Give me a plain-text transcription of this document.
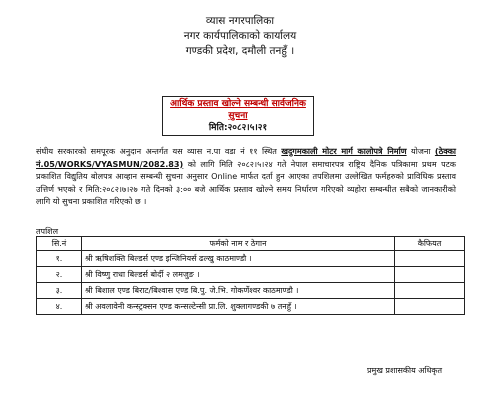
व्यास नगरपालिका
नगर कार्यपालिकाको कार्यालय
गण्डकी प्रदेश, दमौली तनहुँ ।
आर्थिक प्रस्ताव खोल्ने सम्बन्धी सार्वजनिक सुचना
मिति:२०८२।५।२१
संघीय सरकारको समपूरक अनुदान अन्तर्गत यस व्यास न.पा वडा नं ११ स्थित खदुगमकाली मोटर मार्ग कालोपत्रे निर्माण योजना (ठेक्का नं.05/WORKS/VYASMUN/2082.83) को लागि मिति २०८२।५।२४ गते नेपाल समाचारपत्र राष्ट्रिय दैनिक पत्रिकामा प्रथम पटक प्रकाशित विद्युतिय बोलपत्र आव्हान सम्बन्धी सुचना अनुसार Online मार्फत दर्ता हुन आएका तपशिलमा उल्लेखित फर्महरुको प्राविधिक प्रस्ताव उत्तिर्ण भएको र मिति:२०८२।७।२७ गते दिनको ३:०० बजे आर्थिक प्रस्ताव खोल्ने समय निर्धारण गरिएको व्यहोरा सम्बन्धीत सबैको जानकारीको लागि यो सुचना प्रकाशित गरिएको छ ।
तपशिल
सि.नं	फर्मको नाम र ठेगान	कैफियत
१.	श्री ऋषिशक्ति बिल्डर्स एण्ड इन्जिनियर्स ढल्खु काठमाण्डौ ।	
२.	श्री विष्णु राधा बिल्डर्स बोर्दी २ लमजुङ ।	
३.	श्री बिशाल एण्ड बिराट/बिश्वास एण्ड बि.पु. जे.भि. गोकर्णेश्वर काठमाण्डौ ।	
४.	श्री अवलावेनी कन्स्ट्रक्सन एण्ड कन्सल्टेन्सी प्रा.लि. शुक्लागण्डकी ७ तनहुँ ।	
प्रमुख प्रशासकीय अधिकृत
